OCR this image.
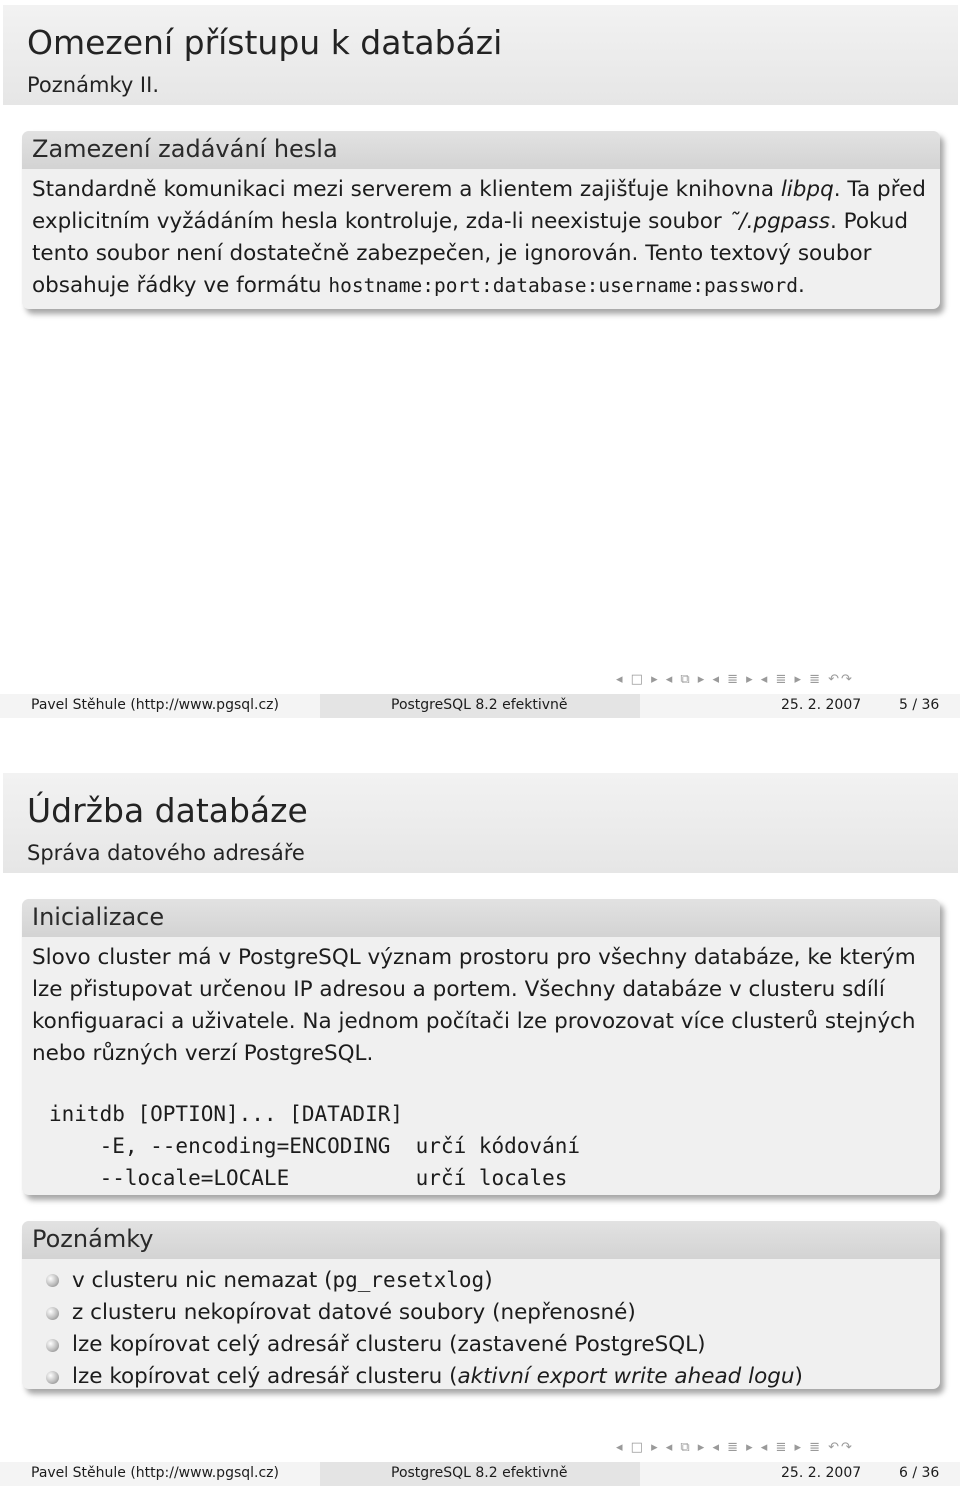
Omezení přístupu k databázi
Poznámky II.
Zamezení zadávání hesla

Standardně komunikaci mezi serverem a klientem zajišťuje knihovna libpq. Ta před explicitním vyžádáním hesla kontroluje, zda-li neexistuje soubor ˜/.pgpass. Pokud tento soubor není dostatečně zabezpečen, je ignorován. Tento textový soubor obsahuje řádky ve formátu hostname:port:database:username:password.

◂ □ ▸ ◂ ⧉ ▸ ◂ ≣ ▸ ◂ ≣ ▸ ≣ ↶↷
Pavel Stěhule (http://www.pgsql.cz)	PostgreSQL 8.2 efektivně	25. 2. 2007	5 / 36
Údržba databáze
Správa datového adresáře
Inicializace

Slovo cluster má v PostgreSQL význam prostoru pro všechny databáze, ke kterým lze přistupovat určenou IP adresou a portem. Všechny databáze v clusteru sdílí konfiguaraci a uživatele. Na jednom počítači lze provozovat více clusterů stejných nebo různých verzí PostgreSQL.

initdb [OPTION]... [DATADIR]
-E, --encoding=ENCODING  určí kódování
--locale=LOCALE          určí locales
Poznámky
v clusteru nic nemazat (pg_resetxlog)
z clusteru nekopírovat datové soubory (nepřenosné)
lze kopírovat celý adresář clusteru (zastavené PostgreSQL)
lze kopírovat celý adresář clusteru (aktivní export write ahead logu)
◂ □ ▸ ◂ ⧉ ▸ ◂ ≣ ▸ ◂ ≣ ▸ ≣ ↶↷
Pavel Stěhule (http://www.pgsql.cz)	PostgreSQL 8.2 efektivně	25. 2. 2007	6 / 36
